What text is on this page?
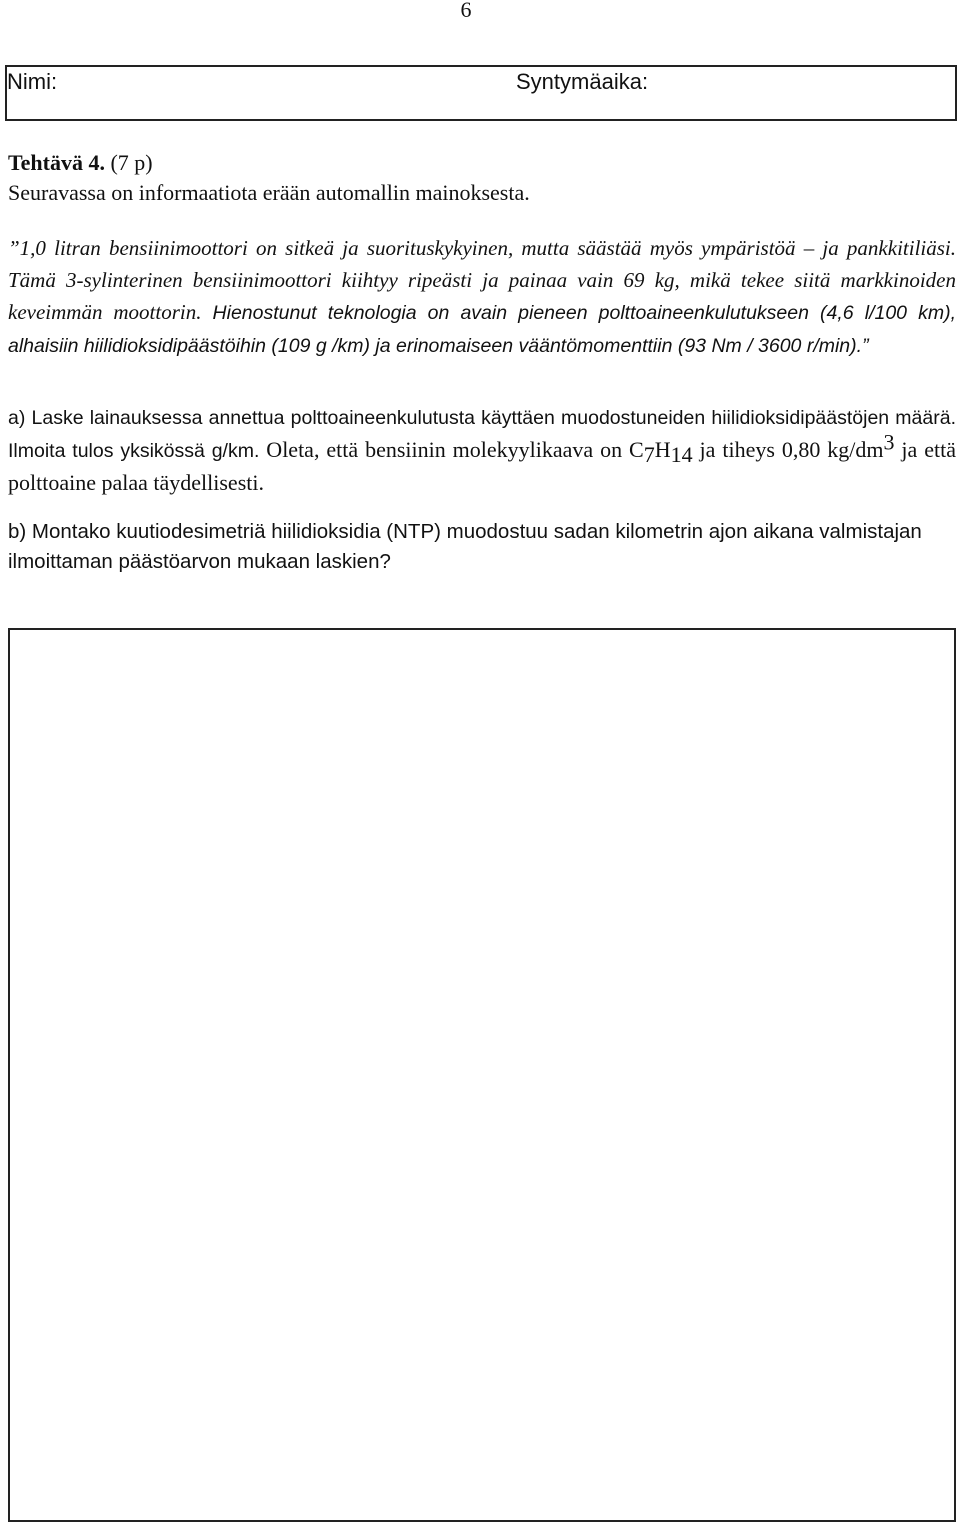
6
Nimi:	Syntymäaika:
Tehtävä 4. (7 p)
Seuravassa on informaatiota erään automallin mainoksesta.
”1,0 litran bensiinimoottori on sitkeä ja suorituskykyinen, mutta säästää myös ympäristöä – ja pankkitiliäsi. Tämä 3-sylinterinen bensiinimoottori kiihtyy ripeästi ja painaa vain 69 kg, mikä tekee siitä markkinoiden keveimmän moottorin. Hienostunut teknologia on avain pieneen polttoaineenkulutukseen (4,6 l/100 km), alhaisiin hiilidioksidipäästöihin (109 g /km) ja erinomaiseen vääntömomenttiin (93 Nm / 3600 r/min).”
a) Laske lainauksessa annettua polttoaineenkulutusta käyttäen muodostuneiden hiilidioksidipäästöjen määrä. Ilmoita tulos yksikössä g/km. Oleta, että bensiinin molekyylikaava on $C_7H_{14}$ ja tiheys 0,80 $kg/dm^3$ ja että polttoaine palaa täydellisesti.
b) Montako kuutiodesimetriä hiilidioksidia (NTP) muodostuu sadan kilometrin ajon aikana valmistajan ilmoittaman päästöarvon mukaan laskien?
